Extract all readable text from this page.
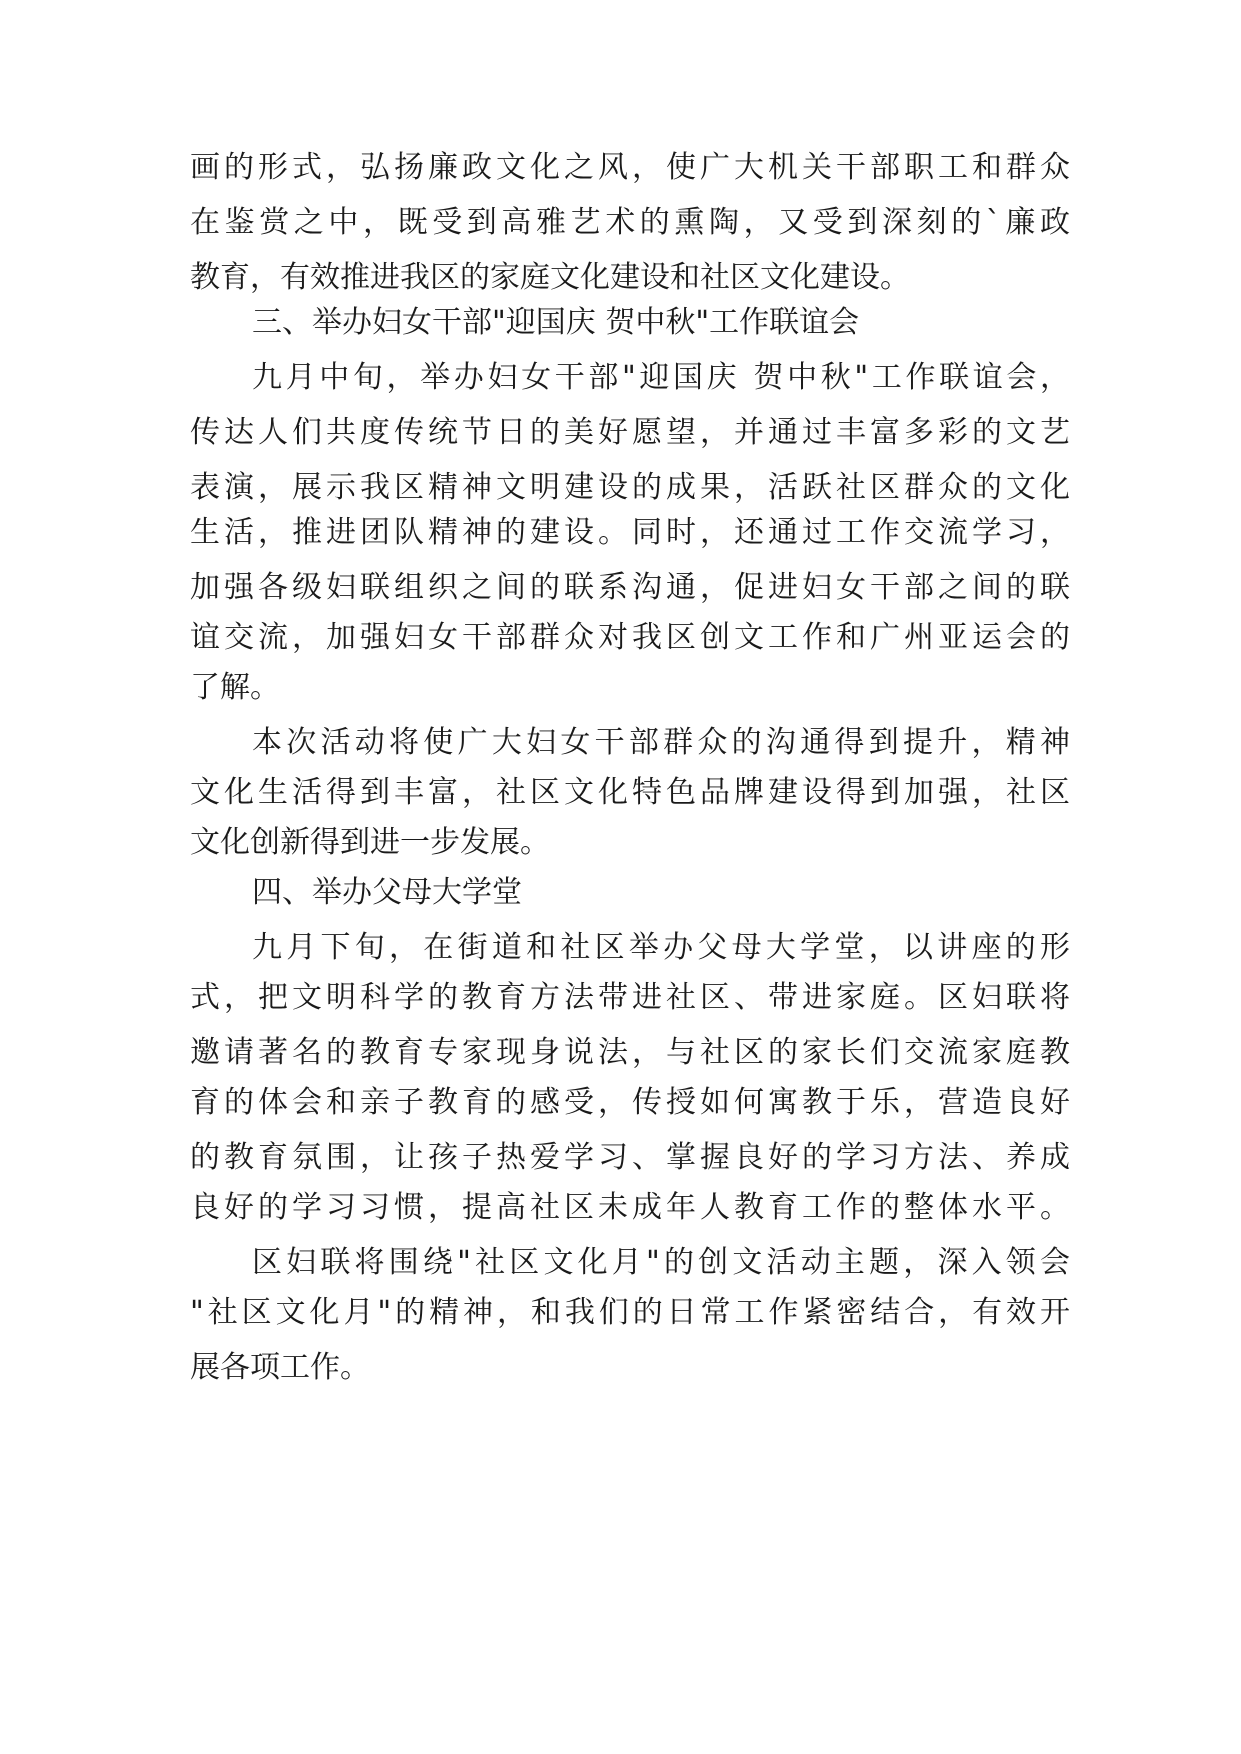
画的形式，弘扬廉政文化之风，使广大机关干部职工和群众
在鉴赏之中，既受到高雅艺术的熏陶，又受到深刻的`廉政
教育，有效推进我区的家庭文化建设和社区文化建设。
三、举办妇女干部"迎国庆 贺中秋"工作联谊会
九月中旬，举办妇女干部"迎国庆 贺中秋"工作联谊会，
传达人们共度传统节日的美好愿望，并通过丰富多彩的文艺
表演，展示我区精神文明建设的成果，活跃社区群众的文化
生活，推进团队精神的建设。同时，还通过工作交流学习，
加强各级妇联组织之间的联系沟通，促进妇女干部之间的联
谊交流，加强妇女干部群众对我区创文工作和广州亚运会的
了解。
本次活动将使广大妇女干部群众的沟通得到提升，精神
文化生活得到丰富，社区文化特色品牌建设得到加强，社区
文化创新得到进一步发展。
四、举办父母大学堂
九月下旬，在街道和社区举办父母大学堂，以讲座的形
式，把文明科学的教育方法带进社区、带进家庭。区妇联将
邀请著名的教育专家现身说法，与社区的家长们交流家庭教
育的体会和亲子教育的感受，传授如何寓教于乐，营造良好
的教育氛围，让孩子热爱学习、掌握良好的学习方法、养成
良好的学习习惯，提高社区未成年人教育工作的整体水平。
区妇联将围绕"社区文化月"的创文活动主题，深入领会
"社区文化月"的精神，和我们的日常工作紧密结合，有效开
展各项工作。
